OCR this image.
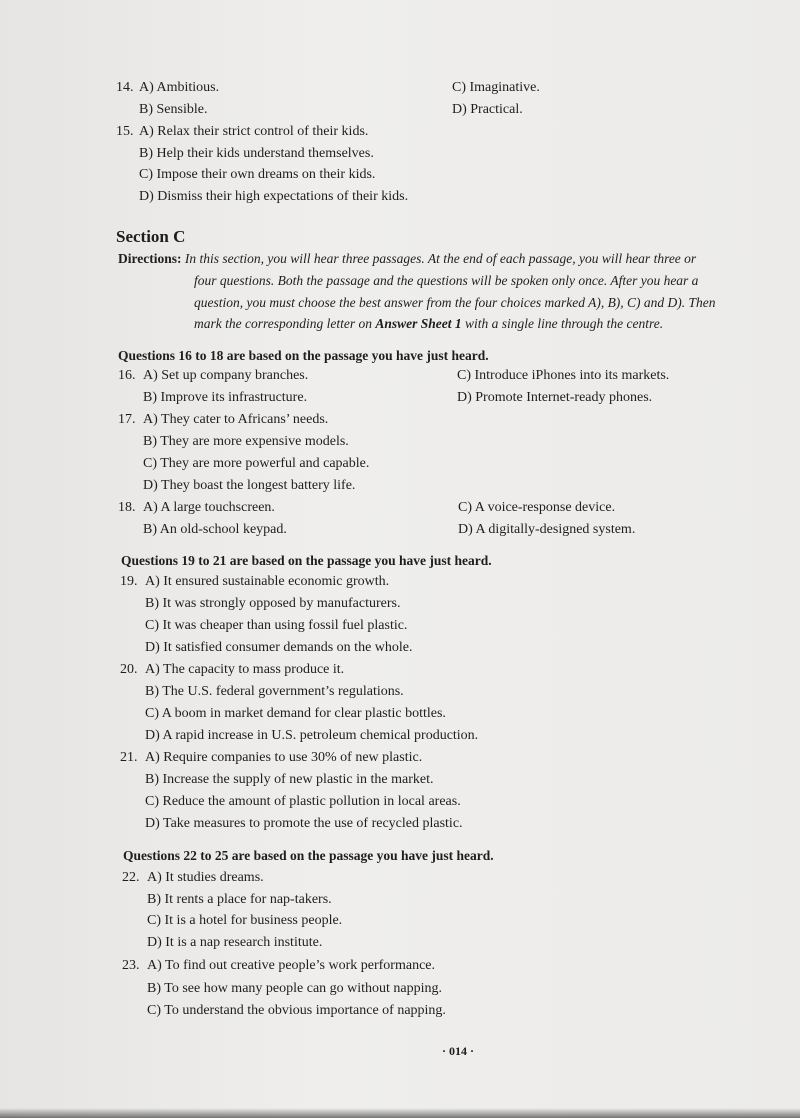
14. A) Ambitious.	C) Imaginative.
B) Sensible.	D) Practical.
15. A) Relax their strict control of their kids.
B) Help their kids understand themselves.
C) Impose their own dreams on their kids.
D) Dismiss their high expectations of their kids.
Section C
Directions: In this section, you will hear three passages. At the end of each passage, you will hear three or
four questions. Both the passage and the questions will be spoken only once. After you hear a
question, you must choose the best answer from the four choices marked A), B), C) and D). Then
mark the corresponding letter on Answer Sheet 1 with a single line through the centre.
Questions 16 to 18 are based on the passage you have just heard.
16. A) Set up company branches.	C) Introduce iPhones into its markets.
B) Improve its infrastructure.	D) Promote Internet-ready phones.
17. A) They cater to Africans’ needs.
B) They are more expensive models.
C) They are more powerful and capable.
D) They boast the longest battery life.
18. A) A large touchscreen.	C) A voice-response device.
B) An old-school keypad.	D) A digitally-designed system.
Questions 19 to 21 are based on the passage you have just heard.
19. A) It ensured sustainable economic growth.
B) It was strongly opposed by manufacturers.
C) It was cheaper than using fossil fuel plastic.
D) It satisfied consumer demands on the whole.
20. A) The capacity to mass produce it.
B) The U.S. federal government’s regulations.
C) A boom in market demand for clear plastic bottles.
D) A rapid increase in U.S. petroleum chemical production.
21. A) Require companies to use 30% of new plastic.
B) Increase the supply of new plastic in the market.
C) Reduce the amount of plastic pollution in local areas.
D) Take measures to promote the use of recycled plastic.
Questions 22 to 25 are based on the passage you have just heard.
22. A) It studies dreams.
B) It rents a place for nap-takers.
C) It is a hotel for business people.
D) It is a nap research institute.
23. A) To find out creative people’s work performance.
B) To see how many people can go without napping.
C) To understand the obvious importance of napping.
· 014 ·
